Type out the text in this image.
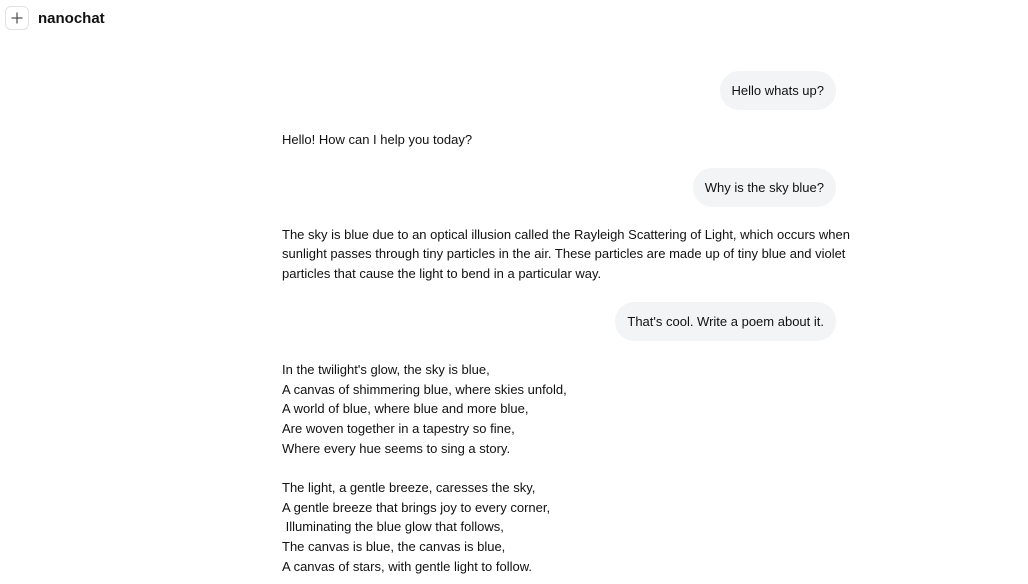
nanochat
Hello whats up?
Hello! How can I help you today?
Why is the sky blue?
The sky is blue due to an optical illusion called the Rayleigh Scattering of Light, which occurs when
sunlight passes through tiny particles in the air. These particles are made up of tiny blue and violet
particles that cause the light to bend in a particular way.
That's cool. Write a poem about it.
In the twilight's glow, the sky is blue,
A canvas of shimmering blue, where skies unfold,
A world of blue, where blue and more blue,
Are woven together in a tapestry so fine,
Where every hue seems to sing a story.
The light, a gentle breeze, caresses the sky,
A gentle breeze that brings joy to every corner,
Illuminating the blue glow that follows,
The canvas is blue, the canvas is blue,
A canvas of stars, with gentle light to follow.
